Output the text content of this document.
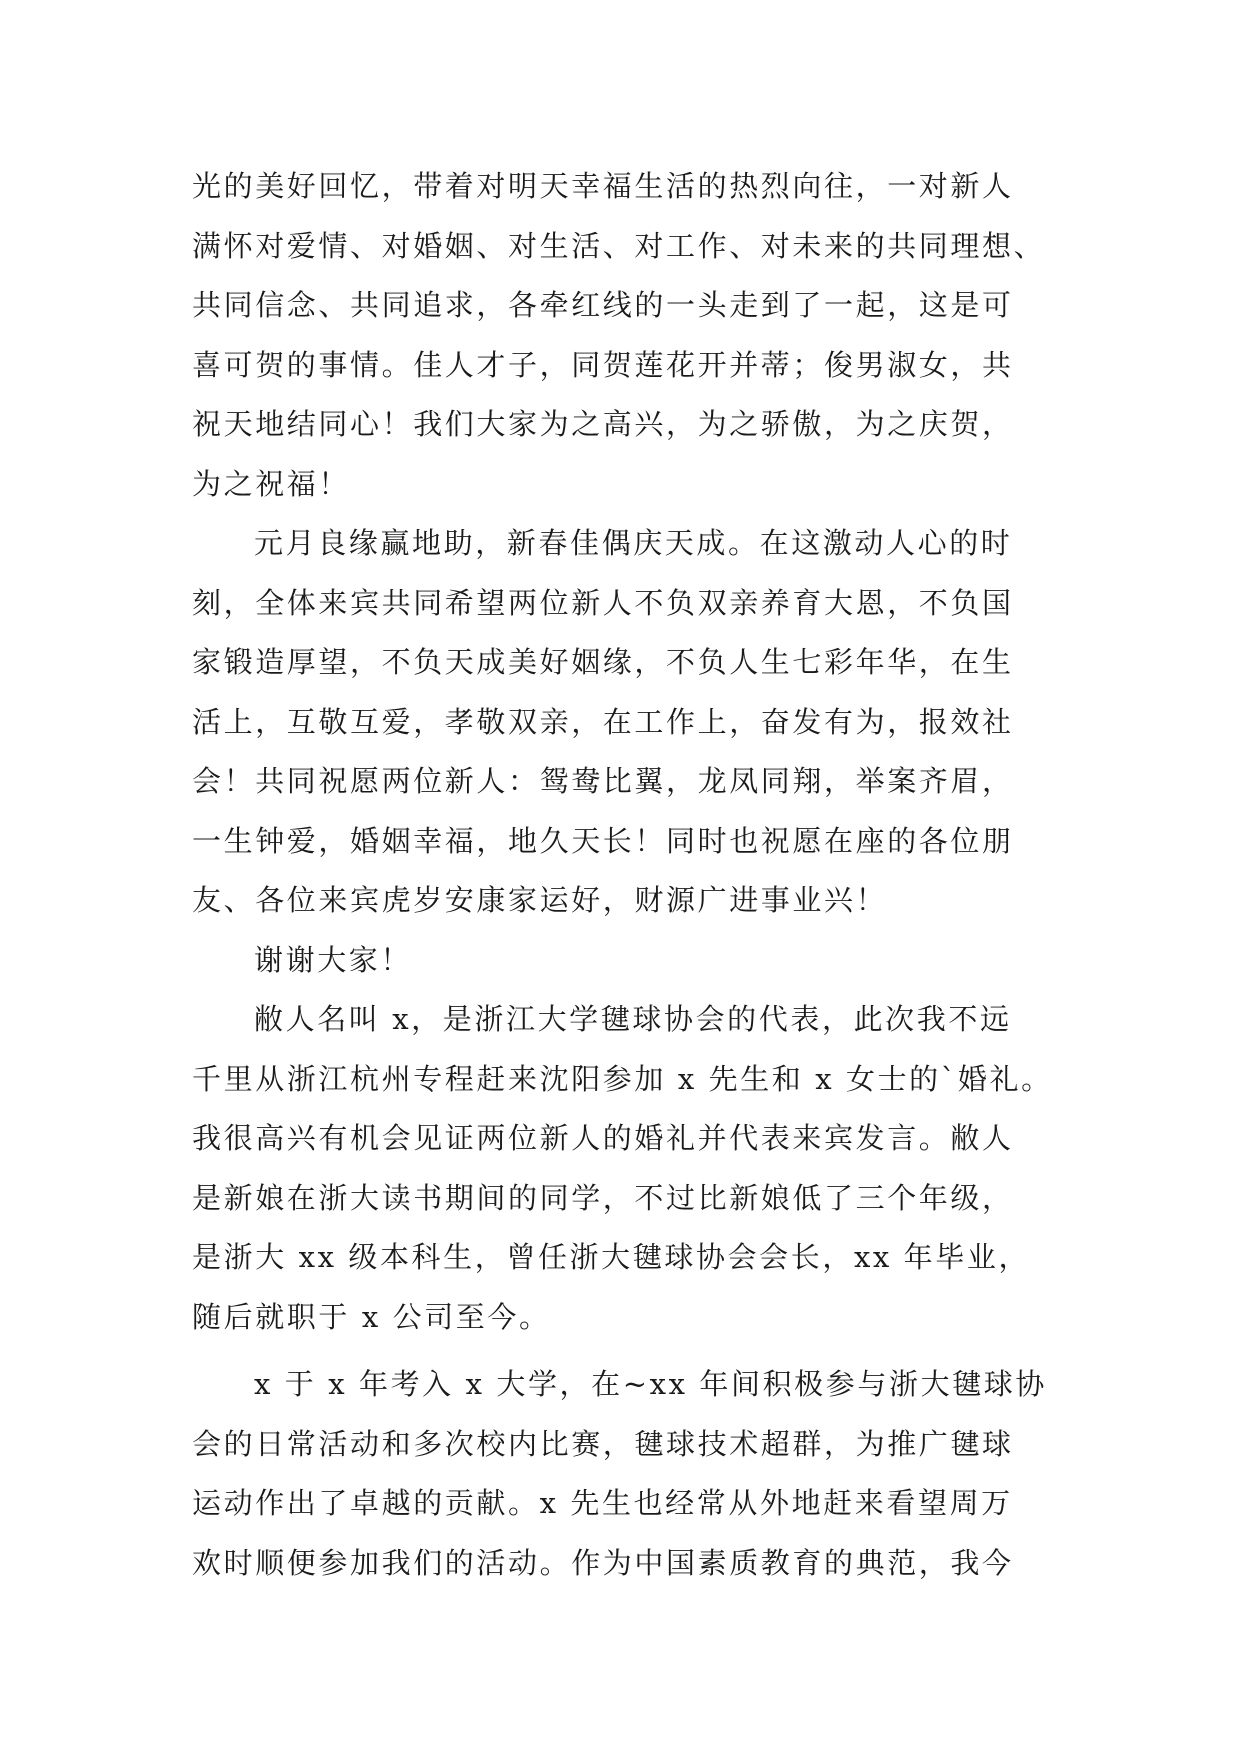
光的美好回忆，带着对明天幸福生活的热烈向往，一对新人
满怀对爱情、对婚姻、对生活、对工作、对未来的共同理想、
共同信念、共同追求，各牵红线的一头走到了一起，这是可
喜可贺的事情。佳人才子，同贺莲花开并蒂；俊男淑女，共
祝天地结同心！我们大家为之高兴，为之骄傲，为之庆贺，
为之祝福！
元月良缘赢地助，新春佳偶庆天成。在这激动人心的时
刻，全体来宾共同希望两位新人不负双亲养育大恩，不负国
家锻造厚望，不负天成美好姻缘，不负人生七彩年华，在生
活上，互敬互爱，孝敬双亲，在工作上，奋发有为，报效社
会！共同祝愿两位新人：鸳鸯比翼，龙凤同翔，举案齐眉，
一生钟爱，婚姻幸福，地久天长！同时也祝愿在座的各位朋
友、各位来宾虎岁安康家运好，财源广进事业兴！
谢谢大家！
敝人名叫 x，是浙江大学毽球协会的代表，此次我不远
千里从浙江杭州专程赶来沈阳参加 x 先生和 x 女士的`婚礼。
我很高兴有机会见证两位新人的婚礼并代表来宾发言。敝人
是新娘在浙大读书期间的同学，不过比新娘低了三个年级，
是浙大 xx 级本科生，曾任浙大毽球协会会长，xx 年毕业，
随后就职于 x 公司至今。
x 于 x 年考入 x 大学，在~xx 年间积极参与浙大毽球协
会的日常活动和多次校内比赛，毽球技术超群，为推广毽球
运动作出了卓越的贡献。x 先生也经常从外地赶来看望周万
欢时顺便参加我们的活动。作为中国素质教育的典范，我今
